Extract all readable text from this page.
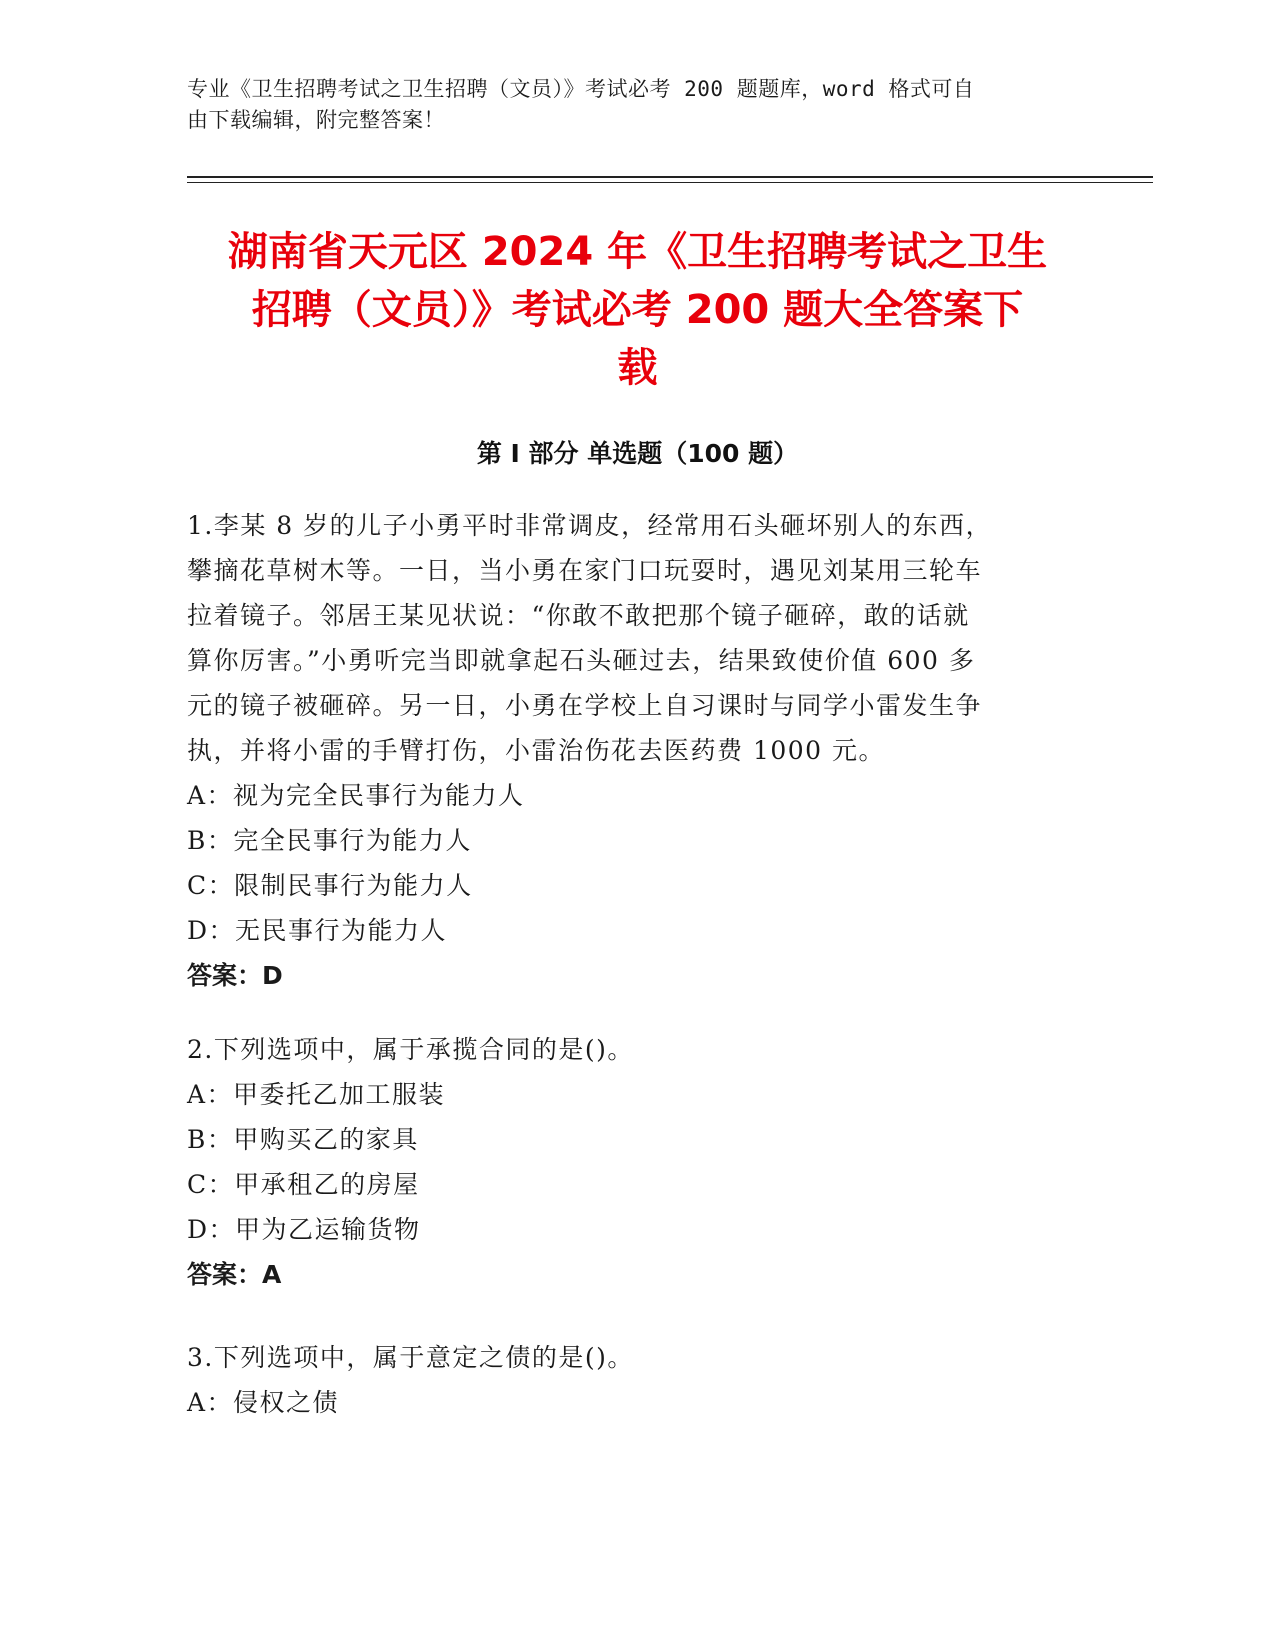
专业《卫生招聘考试之卫生招聘（文员）》考试必考 200 题题库，word 格式可自
由下载编辑，附完整答案！
湖南省天元区 2024 年《卫生招聘考试之卫生
招聘（文员）》考试必考 200 题大全答案下
载
第 I 部分 单选题（100 题）
1.李某 8 岁的儿子小勇平时非常调皮，经常用石头砸坏别人的东西，
攀摘花草树木等。一日，当小勇在家门口玩耍时，遇见刘某用三轮车
拉着镜子。邻居王某见状说：“你敢不敢把那个镜子砸碎，敢的话就
算你厉害。”小勇听完当即就拿起石头砸过去，结果致使价值 600 多
元的镜子被砸碎。另一日，小勇在学校上自习课时与同学小雷发生争
执，并将小雷的手臂打伤，小雷治伤花去医药费 1000 元。
A：视为完全民事行为能力人
B：完全民事行为能力人
C：限制民事行为能力人
D：无民事行为能力人
答案：D
2.下列选项中，属于承揽合同的是()。
A：甲委托乙加工服装
B：甲购买乙的家具
C：甲承租乙的房屋
D：甲为乙运输货物
答案：A
3.下列选项中，属于意定之债的是()。
A：侵权之债
